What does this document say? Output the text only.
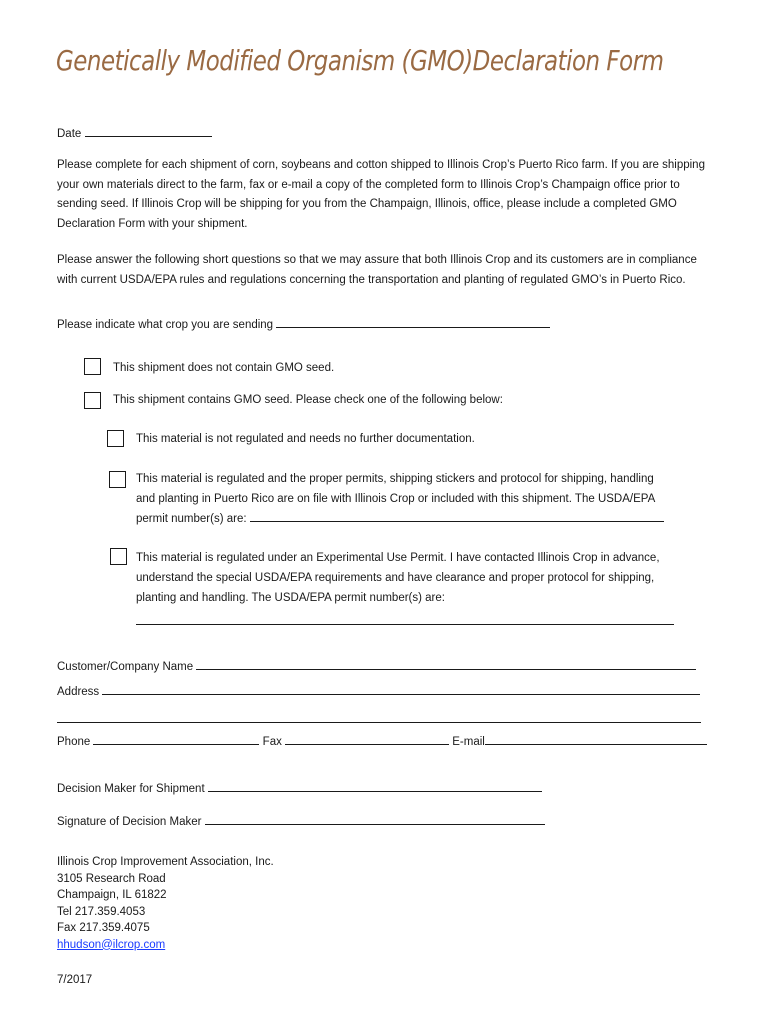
Genetically Modified Organism (GMO)Declaration Form
Date
Please complete for each shipment of corn, soybeans and cotton shipped to Illinois Crop’s Puerto Rico farm. If you are shipping your own materials direct to the farm, fax or e-mail a copy of the completed form to Illinois Crop’s Champaign office prior to sending seed. If Illinois Crop will be shipping for you from the Champaign, Illinois, office, please include a completed GMO Declaration Form with your shipment.
Please answer the following short questions so that we may assure that both Illinois Crop and its customers are in compliance with current USDA/EPA rules and regulations concerning the transportation and planting of regulated GMO’s in Puerto Rico.
Please indicate what crop you are sending
This shipment does not contain GMO seed.
This shipment contains GMO seed. Please check one of the following below:
This material is not regulated and needs no further documentation.
This material is regulated and the proper permits, shipping stickers and protocol for shipping, handling
and planting in Puerto Rico are on file with Illinois Crop or included with this shipment. The USDA/EPA
permit number(s) are:
This material is regulated under an Experimental Use Permit. I have contacted Illinois Crop in advance,
understand the special USDA/EPA requirements and have clearance and proper protocol for shipping,
planting and handling. The USDA/EPA permit number(s) are:
Customer/Company Name
Address
Phone	Fax	E-mail
Decision Maker for Shipment
Signature of Decision Maker
Illinois Crop Improvement Association, Inc.
3105 Research Road
Champaign, IL 61822
Tel 217.359.4053
Fax 217.359.4075
hhudson@ilcrop.com
7/2017
